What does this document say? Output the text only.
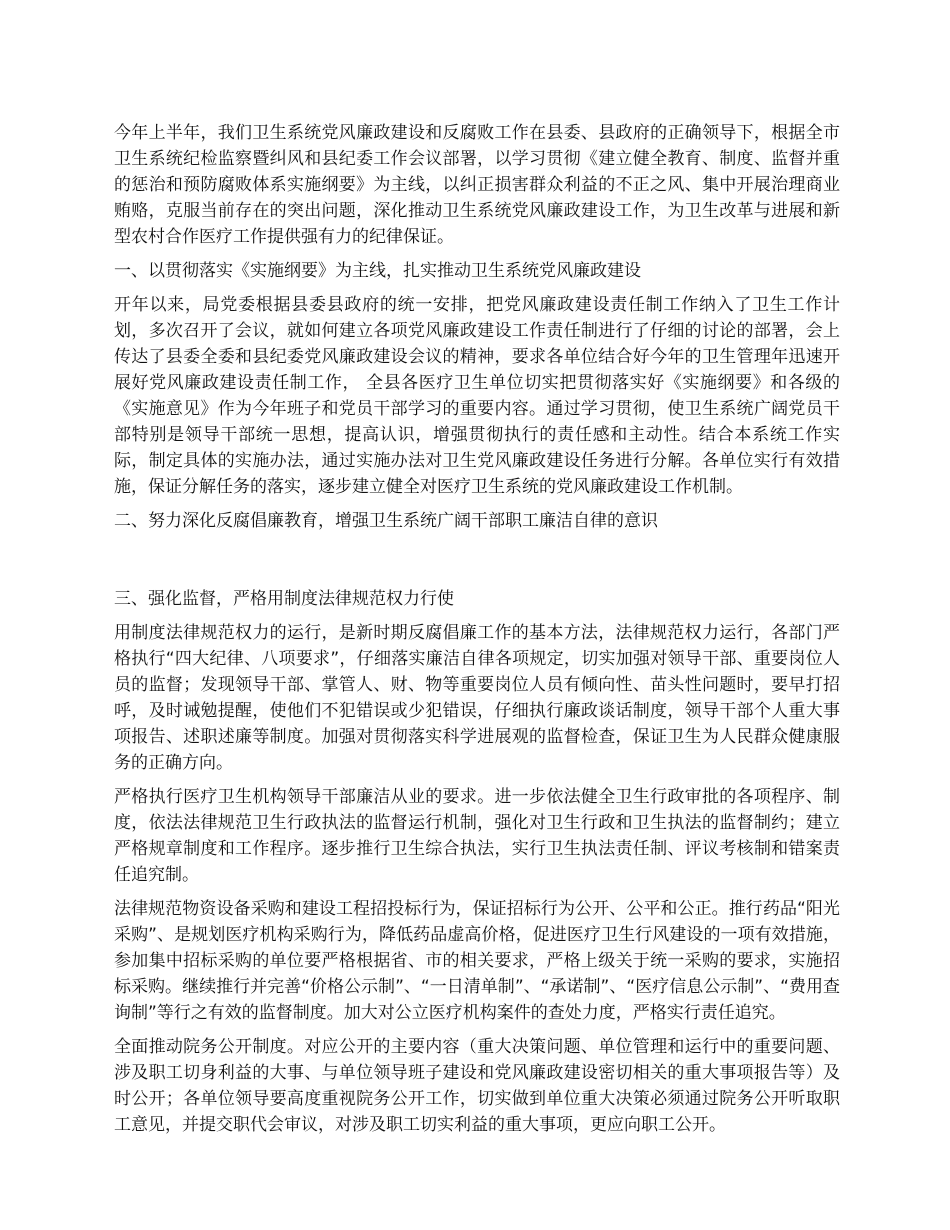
今年上半年，我们卫生系统党风廉政建设和反腐败工作在县委、县政府的正确领导下，根据全市卫生系统纪检监察暨纠风和县纪委工作会议部署，以学习贯彻《建立健全教育、制度、监督并重的惩治和预防腐败体系实施纲要》为主线，以纠正损害群众利益的不正之风、集中开展治理商业贿赂，克服当前存在的突出问题，深化推动卫生系统党风廉政建设工作，为卫生改革与进展和新型农村合作医疗工作提供强有力的纪律保证。

一、以贯彻落实《实施纲要》为主线，扎实推动卫生系统党风廉政建设

开年以来，局党委根据县委县政府的统一安排，把党风廉政建设责任制工作纳入了卫生工作计划，多次召开了会议，就如何建立各项党风廉政建设工作责任制进行了仔细的讨论的部署，会上传达了县委全委和县纪委党风廉政建设会议的精神，要求各单位结合好今年的卫生管理年迅速开展好党风廉政建设责任制工作， 全县各医疗卫生单位切实把贯彻落实好《实施纲要》和各级的《实施意见》作为今年班子和党员干部学习的重要内容。通过学习贯彻，使卫生系统广阔党员干部特别是领导干部统一思想，提高认识，增强贯彻执行的责任感和主动性。结合本系统工作实际，制定具体的实施办法，通过实施办法对卫生党风廉政建设任务进行分解。各单位实行有效措施，保证分解任务的落实，逐步建立健全对医疗卫生系统的党风廉政建设工作机制。

二、努力深化反腐倡廉教育，增强卫生系统广阔干部职工廉洁自律的意识

三、强化监督，严格用制度法律规范权力行使

用制度法律规范权力的运行，是新时期反腐倡廉工作的基本方法，法律规范权力运行，各部门严格执行“四大纪律、八项要求”，仔细落实廉洁自律各项规定，切实加强对领导干部、重要岗位人员的监督；发现领导干部、掌管人、财、物等重要岗位人员有倾向性、苗头性问题时，要早打招呼，及时诫勉提醒，使他们不犯错误或少犯错误，仔细执行廉政谈话制度，领导干部个人重大事项报告、述职述廉等制度。加强对贯彻落实科学进展观的监督检查，保证卫生为人民群众健康服务的正确方向。

严格执行医疗卫生机构领导干部廉洁从业的要求。进一步依法健全卫生行政审批的各项程序、制度，依法法律规范卫生行政执法的监督运行机制，强化对卫生行政和卫生执法的监督制约；建立严格规章制度和工作程序。逐步推行卫生综合执法，实行卫生执法责任制、评议考核制和错案责任追究制。

法律规范物资设备采购和建设工程招投标行为，保证招标行为公开、公平和公正。推行药品“阳光采购”、是规划医疗机构采购行为，降低药品虚高价格，促进医疗卫生行风建设的一项有效措施，参加集中招标采购的单位要严格根据省、市的相关要求，严格上级关于统一采购的要求，实施招标采购。继续推行并完善“价格公示制”、“一日清单制”、“承诺制”、“医疗信息公示制”、“费用查询制”等行之有效的监督制度。加大对公立医疗机构案件的查处力度，严格实行责任追究。

全面推动院务公开制度。对应公开的主要内容（重大决策问题、单位管理和运行中的重要问题、涉及职工切身利益的大事、与单位领导班子建设和党风廉政建设密切相关的重大事项报告等）及时公开；各单位领导要高度重视院务公开工作，切实做到单位重大决策必须通过院务公开听取职工意见，并提交职代会审议，对涉及职工切实利益的重大事项，更应向职工公开。
